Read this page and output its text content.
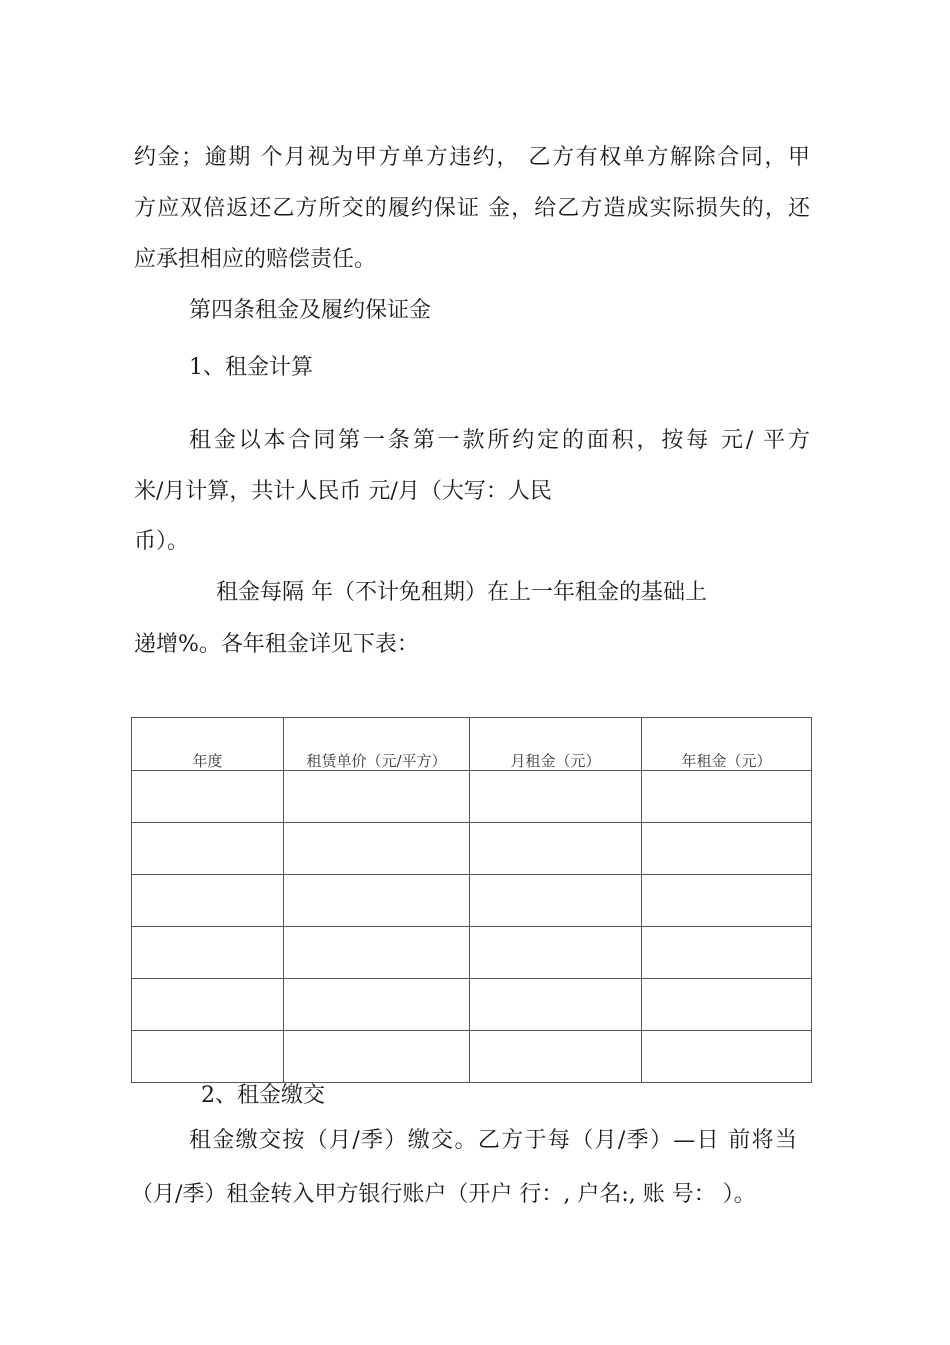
约金；逾期 个月视为甲方单方违约， 乙方有权单方解除合同，甲

方应双倍返还乙方所交的履约保证 金，给乙方造成实际损失的，还

应承担相应的赔偿责任。

第四条租金及履约保证金

1、租金计算

租金以本合同第一条第一款所约定的面积，按每 元/ 平方

米/月计算，共计人民币 元/月（大写：人民

币）。

租金每隔 年（不计免租期）在上一年租金的基础上

递增%。各年租金详见下表：

年度	租赁单价（元/平方）	月租金（元）	年租金（元）

2、租金缴交

租金缴交按（月/季）缴交。乙方于每（月/季）—日 前将当

（月/季）租金转入甲方银行账户（开户 行：, 户名:, 账 号： ）。
